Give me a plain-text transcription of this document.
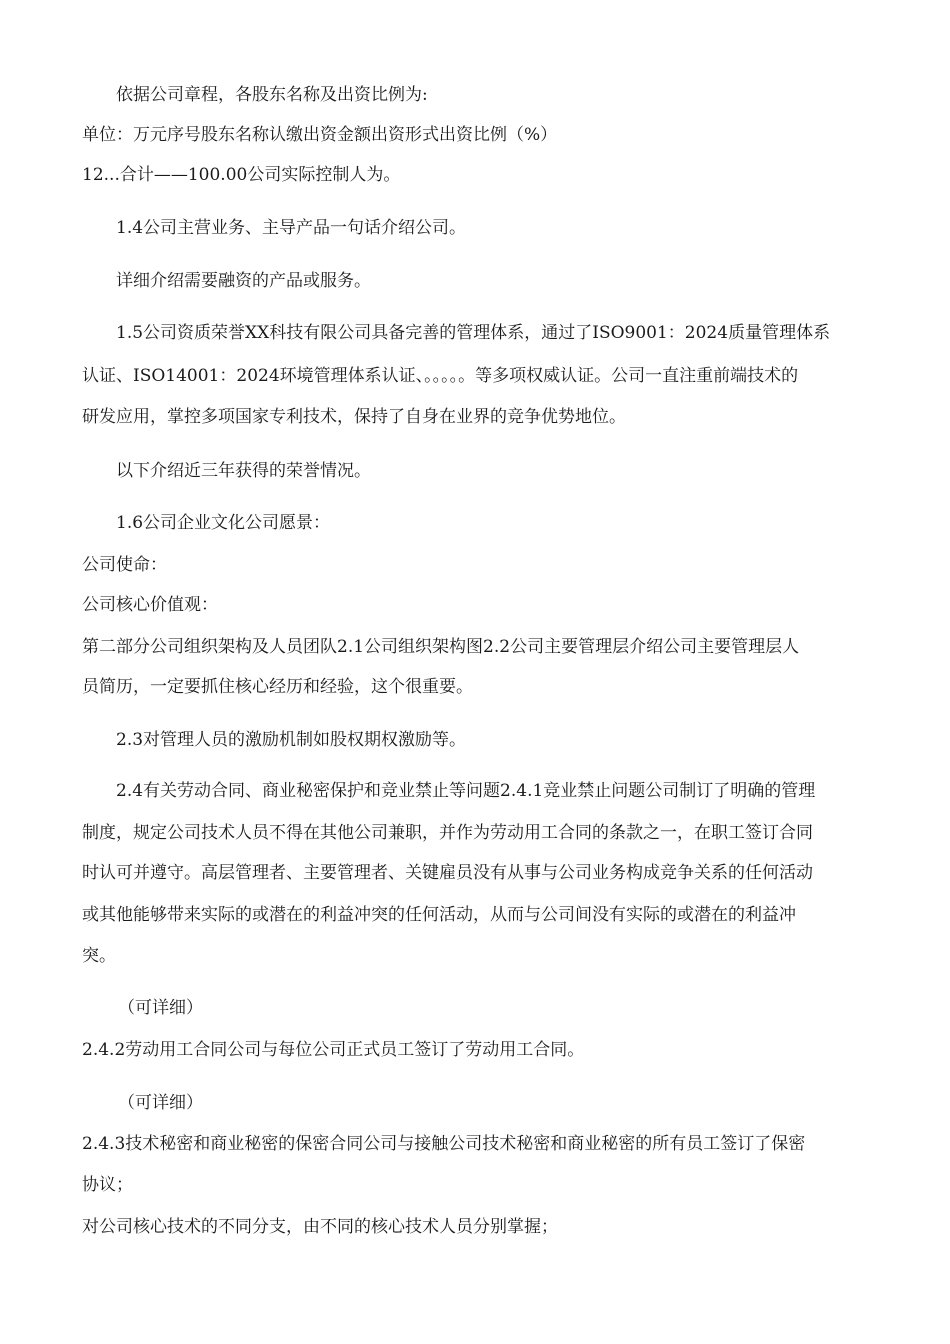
依据公司章程，各股东名称及出资比例为:
单位：万元序号股东名称认缴出资金额出资形式出资比例（%）
12...合计——100.00公司实际控制人为。
1.4公司主营业务、主导产品一句话介绍公司。
详细介绍需要融资的产品或服务。
1.5公司资质荣誉XX科技有限公司具备完善的管理体系，通过了ISO9001：2024质量管理体系
认证、ISO14001：2024环境管理体系认证、。。。。。等多项权威认证。公司一直注重前端技术的
研发应用，掌控多项国家专利技术，保持了自身在业界的竞争优势地位。
以下介绍近三年获得的荣誉情况。
1.6公司企业文化公司愿景：
公司使命：
公司核心价值观：
第二部分公司组织架构及人员团队2.1公司组织架构图2.2公司主要管理层介绍公司主要管理层人
员简历，一定要抓住核心经历和经验，这个很重要。
2.3对管理人员的激励机制如股权期权激励等。
2.4有关劳动合同、商业秘密保护和竞业禁止等问题2.4.1竞业禁止问题公司制订了明确的管理
制度，规定公司技术人员不得在其他公司兼职，并作为劳动用工合同的条款之一，在职工签订合同
时认可并遵守。高层管理者、主要管理者、关键雇员没有从事与公司业务构成竞争关系的任何活动
或其他能够带来实际的或潜在的利益冲突的任何活动，从而与公司间没有实际的或潜在的利益冲
突。
（可详细）
2.4.2劳动用工合同公司与每位公司正式员工签订了劳动用工合同。
（可详细）
2.4.3技术秘密和商业秘密的保密合同公司与接触公司技术秘密和商业秘密的所有员工签订了保密
协议；
对公司核心技术的不同分支，由不同的核心技术人员分别掌握；
